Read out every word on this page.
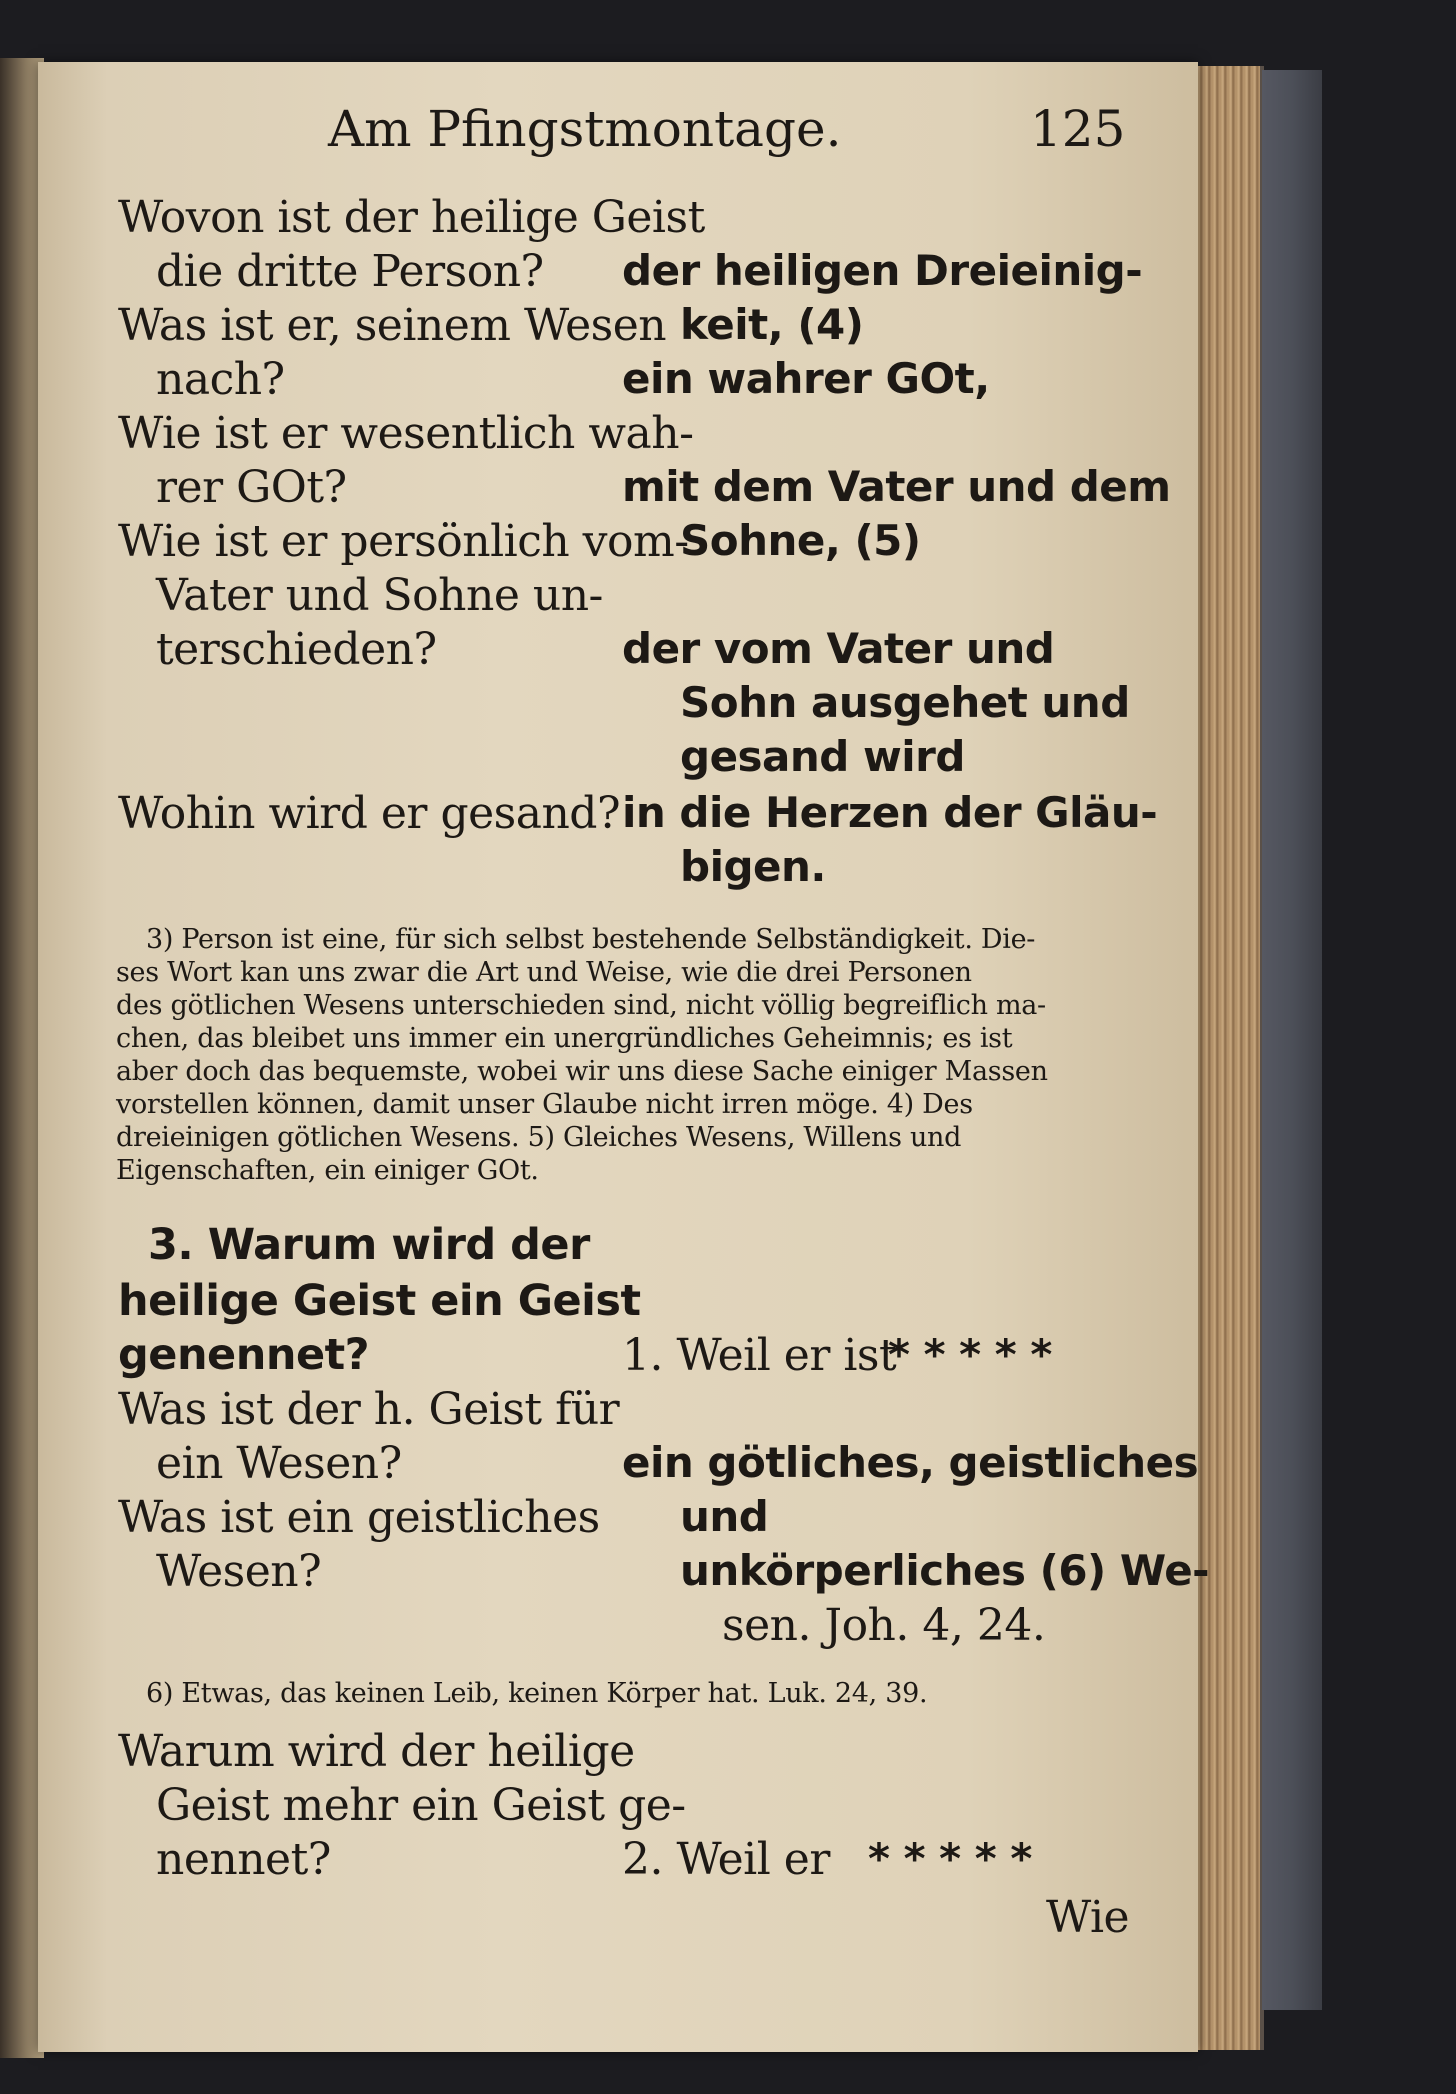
Am Pfingstmontage.	125
Wovon ist der heilige Geist
die dritte Person?
Was ist er, seinem Wesen
nach?
Wie ist er wesentlich wah-
rer GOt?
Wie ist er persönlich vom-
Vater und Sohne un-
terschieden?
Wohin wird er gesand?
der heiligen Dreieinig-
keit, (4)
ein wahrer GOt,
mit dem Vater und dem
Sohne, (5)
der vom Vater und
Sohn ausgehet und
gesand wird
in die Herzen der Gläu-
bigen.
3) Person ist eine, für sich selbst bestehende Selbständigkeit. Die-
ses Wort kan uns zwar die Art und Weise, wie die drei Personen
des götlichen Wesens unterschieden sind, nicht völlig begreiflich ma-
chen, das bleibet uns immer ein unergründliches Geheimnis; es ist
aber doch das bequemste, wobei wir uns diese Sache einiger Massen
vorstellen können, damit unser Glaube nicht irren möge. 4) Des
dreieinigen götlichen Wesens. 5) Gleiches Wesens, Willens und
Eigenschaften, ein einiger GOt.
3. Warum wird der
heilige Geist ein Geist
genennet?
Was ist der h. Geist für
ein Wesen?
Was ist ein geistliches
Wesen?
1. Weil er ist
* * * * *
ein götliches, geistliches
und
unkörperliches (6) We-
sen. Joh. 4, 24.
6) Etwas, das keinen Leib, keinen Körper hat. Luk. 24, 39.
Warum wird der heilige
Geist mehr ein Geist ge-
nennet?	2. Weil er * * * * *
Wie
